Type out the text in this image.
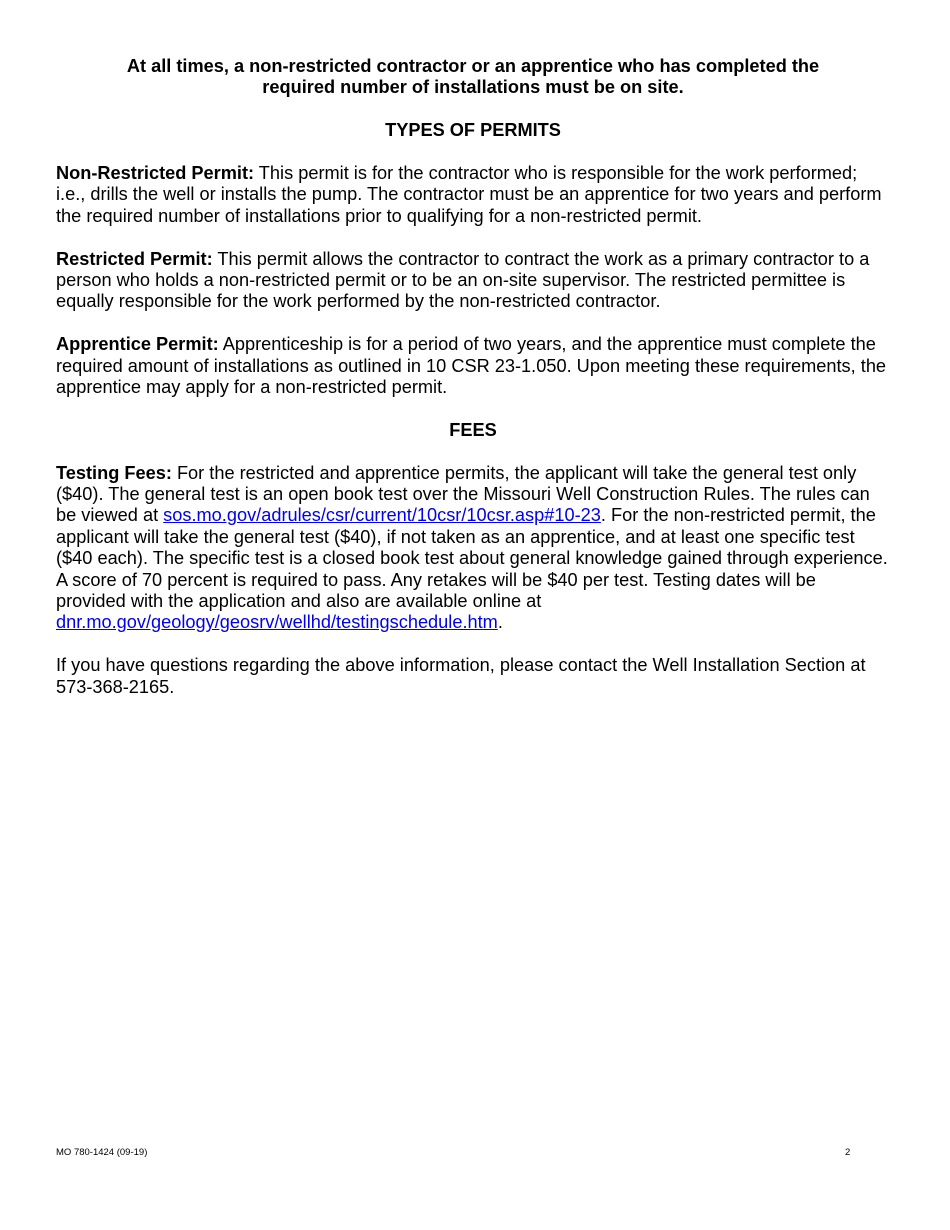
At all times, a non-restricted contractor or an apprentice who has completed the required number of installations must be on site.

TYPES OF PERMITS

Non-Restricted Permit: This permit is for the contractor who is responsible for the work performed; i.e., drills the well or installs the pump. The contractor must be an apprentice for two years and perform the required number of installations prior to qualifying for a non-restricted permit.

Restricted Permit: This permit allows the contractor to contract the work as a primary contractor to a person who holds a non-restricted permit or to be an on-site supervisor. The restricted permittee is equally responsible for the work performed by the non-restricted contractor.

Apprentice Permit: Apprenticeship is for a period of two years, and the apprentice must complete the required amount of installations as outlined in 10 CSR 23-1.050. Upon meeting these requirements, the apprentice may apply for a non-restricted permit.

FEES

Testing Fees: For the restricted and apprentice permits, the applicant will take the general test only ($40). The general test is an open book test over the Missouri Well Construction Rules. The rules can be viewed at sos.mo.gov/adrules/csr/current/10csr/10csr.asp#10-23. For the non-restricted permit, the applicant will take the general test ($40), if not taken as an apprentice, and at least one specific test ($40 each). The specific test is a closed book test about general knowledge gained through experience. A score of 70 percent is required to pass. Any retakes will be $40 per test. Testing dates will be provided with the application and also are available online at dnr.mo.gov/geology/geosrv/wellhd/testingschedule.htm.

If you have questions regarding the above information, please contact the Well Installation Section at 573-368-2165.

MO 780-1424 (09-19)	2
